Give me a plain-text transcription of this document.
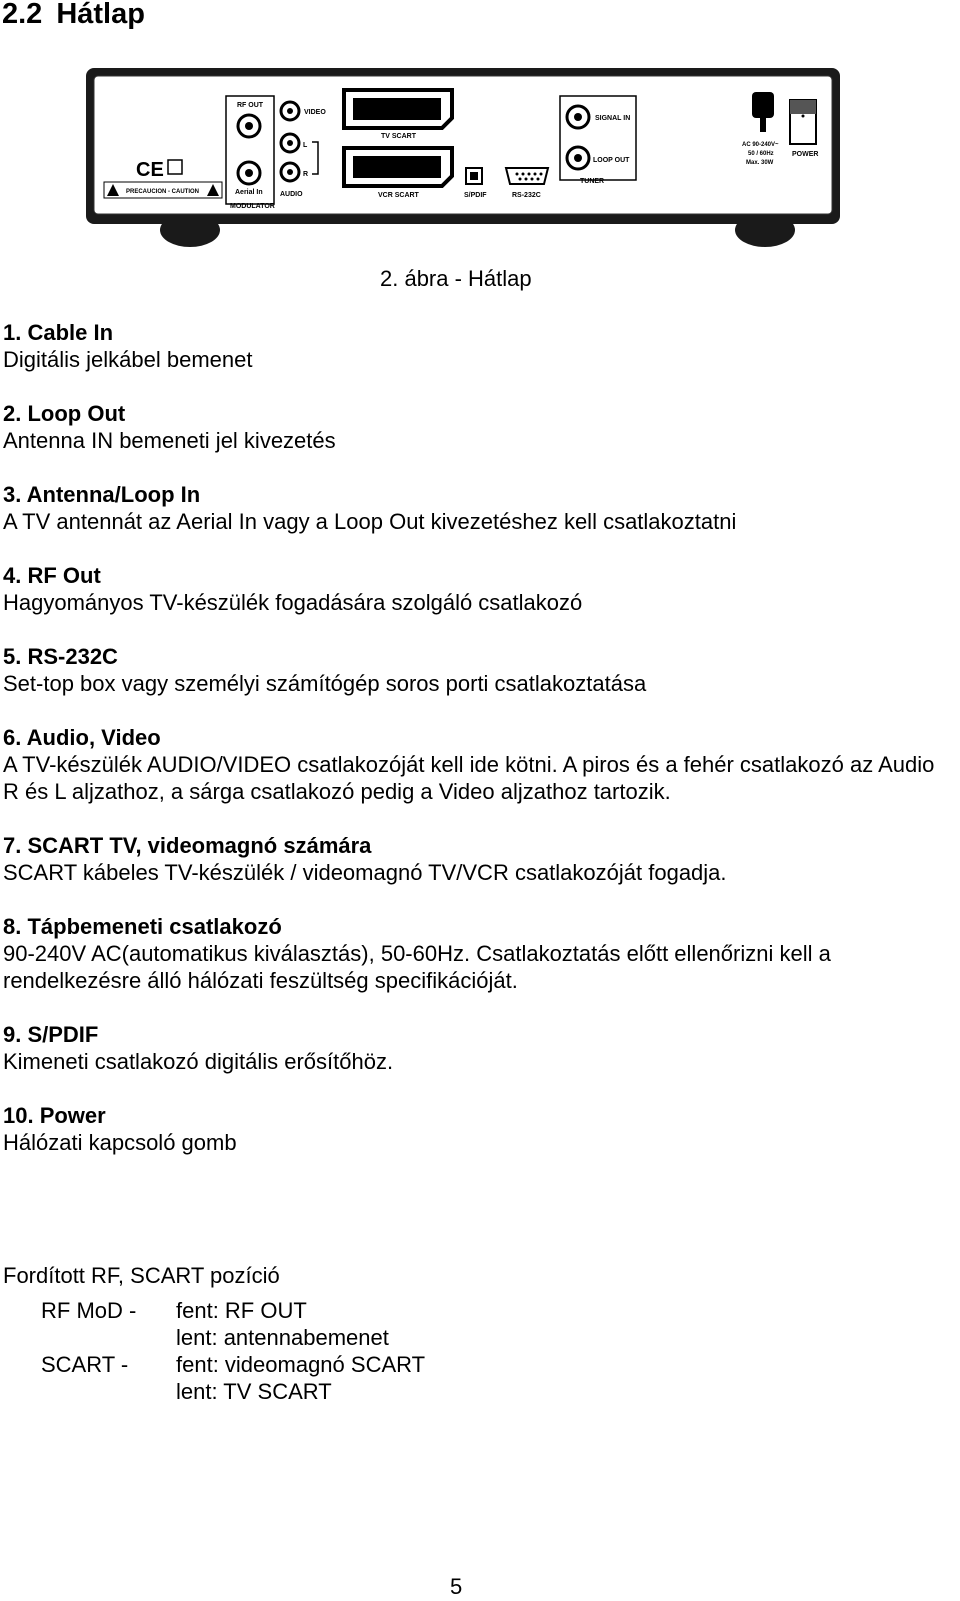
2.2 Hátlap
CE
PRECAUCION - CAUTION
RF OUT
Aerial In
MODULATOR
VIDEO
L
R
AUDIO
TV SCART
VCR SCART	S/PDIF	RS-232C
SIGNAL IN
LOOP OUT
TUNER
AC 90-240V~
50 / 60Hz
Max. 30W
POWER
2. ábra - Hátlap
1. Cable In
Digitális jelkábel bemenet
2. Loop Out
Antenna IN bemeneti jel kivezetés
3. Antenna/Loop In
A TV antennát az Aerial In vagy a Loop Out kivezetéshez kell csatlakoztatni
4. RF Out
Hagyományos TV-készülék fogadására szolgáló csatlakozó
5. RS-232C
Set-top box vagy személyi számítógép soros porti csatlakoztatása
6. Audio, Video
A TV-készülék AUDIO/VIDEO csatlakozóját kell ide kötni. A piros és a fehér csatlakozó az Audio R és L aljzathoz, a sárga csatlakozó pedig a Video aljzathoz tartozik.
7. SCART TV, videomagnó számára
SCART kábeles TV-készülék / videomagnó TV/VCR csatlakozóját fogadja.
8. Tápbemeneti csatlakozó
90-240V AC(automatikus kiválasztás), 50-60Hz. Csatlakoztatás előtt ellenőrizni kell a rendelkezésre álló hálózati feszültség specifikációját.
9. S/PDIF
Kimeneti csatlakozó digitális erősítőhöz.
10. Power
Hálózati kapcsoló gomb
Fordított RF, SCART pozíció
RF MoD - fent: RF OUT
lent: antennabemenet
SCART - fent: videomagnó SCART
lent: TV SCART
5
